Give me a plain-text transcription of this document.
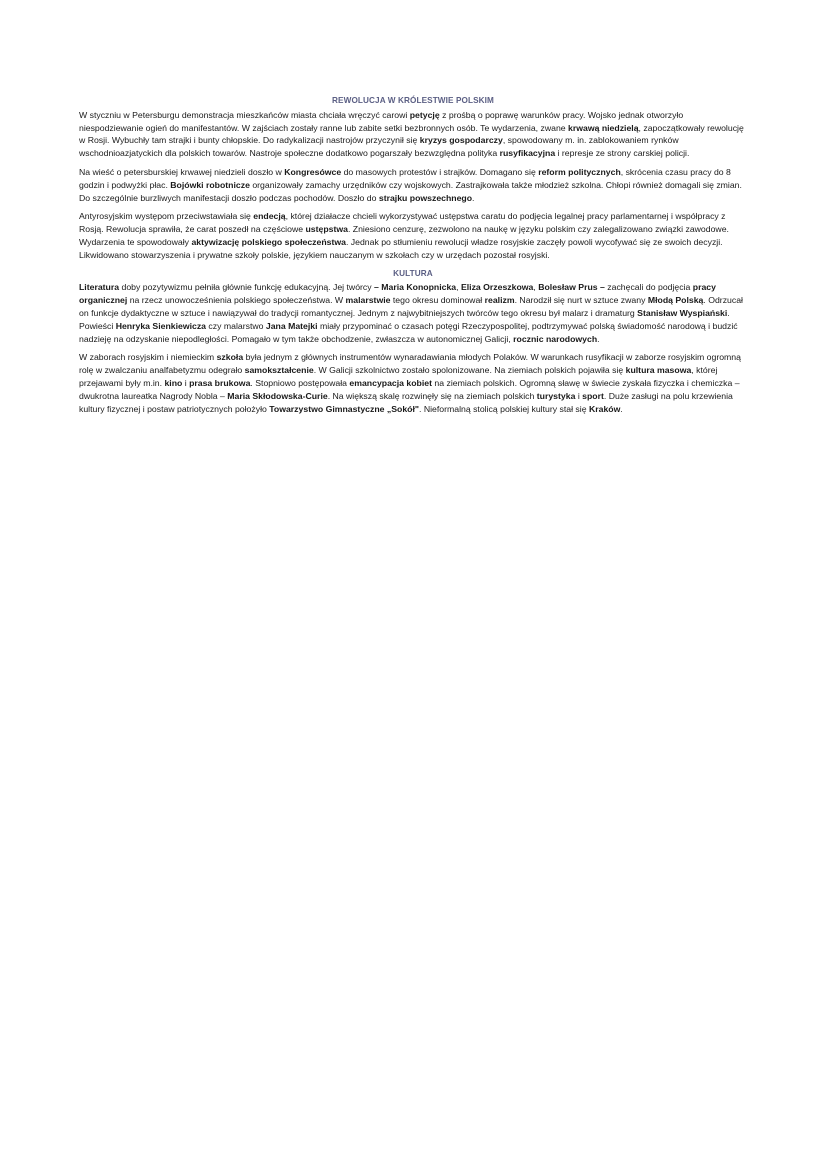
REWOLUCJA W KRÓLESTWIE POLSKIM

W styczniu w Petersburgu demonstracja mieszkańców miasta chciała wręczyć carowi petycję z prośbą o poprawę warunków pracy. Wojsko jednak otworzyło niespodziewanie ogień do manifestantów. W zajściach zostały ranne lub zabite setki bezbronnych osób. Te wydarzenia, zwane krwawą niedzielą, zapoczątkowały rewolucję w Rosji. Wybuchły tam strajki i bunty chłopskie. Do radykalizacji nastrojów przyczynił się kryzys gospodarczy, spowodowany m. in. zablokowaniem rynków wschodnioazjatyckich dla polskich towarów. Nastroje społeczne dodatkowo pogarszały bezwzględna polityka rusyfikacyjna i represje ze strony carskiej policji.

Na wieść o petersburskiej krwawej niedzieli doszło w Kongresówce do masowych protestów i strajków. Domagano się reform politycznych, skrócenia czasu pracy do 8 godzin i podwyżki płac. Bojówki robotnicze organizowały zamachy urzędników czy wojskowych. Zastrajkowała także młodzież szkolna. Chłopi również domagali się zmian. Do szczególnie burzliwych manifestacji doszło podczas pochodów. Doszło do strajku powszechnego.

Antyrosyjskim występom przeciwstawiała się endecją, której działacze chcieli wykorzystywać ustępstwa caratu do podjęcia legalnej pracy parlamentarnej i współpracy z Rosją. Rewolucja sprawiła, że carat poszedł na częściowe ustępstwa. Zniesiono cenzurę, zezwolono na naukę w języku polskim czy zalegalizowano związki zawodowe. Wydarzenia te spowodowały aktywizację polskiego społeczeństwa. Jednak po stłumieniu rewolucji władze rosyjskie zaczęły powoli wycofywać się ze swoich decyzji. Likwidowano stowarzyszenia i prywatne szkoły polskie, językiem nauczanym w szkołach czy w urzędach pozostał rosyjski.

KULTURA

Literatura doby pozytywizmu pełniła głównie funkcję edukacyjną. Jej twórcy – Maria Konopnicka, Eliza Orzeszkowa, Bolesław Prus – zachęcali do podjęcia pracy organicznej na rzecz unowocześnienia polskiego społeczeństwa. W malarstwie tego okresu dominował realizm. Narodził się nurt w sztuce zwany Młodą Polską. Odrzucał on funkcje dydaktyczne w sztuce i nawiązywał do tradycji romantycznej. Jednym z najwybitniejszych twórców tego okresu był malarz i dramaturg Stanisław Wyspiański. Powieści Henryka Sienkiewicza czy malarstwo Jana Matejki miały przypominać o czasach potęgi Rzeczypospolitej, podtrzymywać polską świadomość narodową i budzić nadzieję na odzyskanie niepodległości. Pomagało w tym także obchodzenie, zwłaszcza w autonomicznej Galicji, rocznic narodowych.

W zaborach rosyjskim i niemieckim szkoła była jednym z głównych instrumentów wynaradawiania młodych Polaków. W warunkach rusyfikacji w zaborze rosyjskim ogromną rolę w zwalczaniu analfabetyzmu odegrało samokształcenie. W Galicji szkolnictwo zostało spolonizowane. Na ziemiach polskich pojawiła się kultura masowa, której przejawami były m.in. kino i prasa brukowa. Stopniowo postępowała emancypacja kobiet na ziemiach polskich. Ogromną sławę w świecie zyskała fizyczka i chemiczka – dwukrotna laureatka Nagrody Nobla – Maria Skłodowska-Curie. Na większą skalę rozwinęły się na ziemiach polskich turystyka i sport. Duże zasługi na polu krzewienia kultury fizycznej i postaw patriotycznych położyło Towarzystwo Gimnastyczne „Sokół". Nieformalną stolicą polskiej kultury stał się Kraków.
